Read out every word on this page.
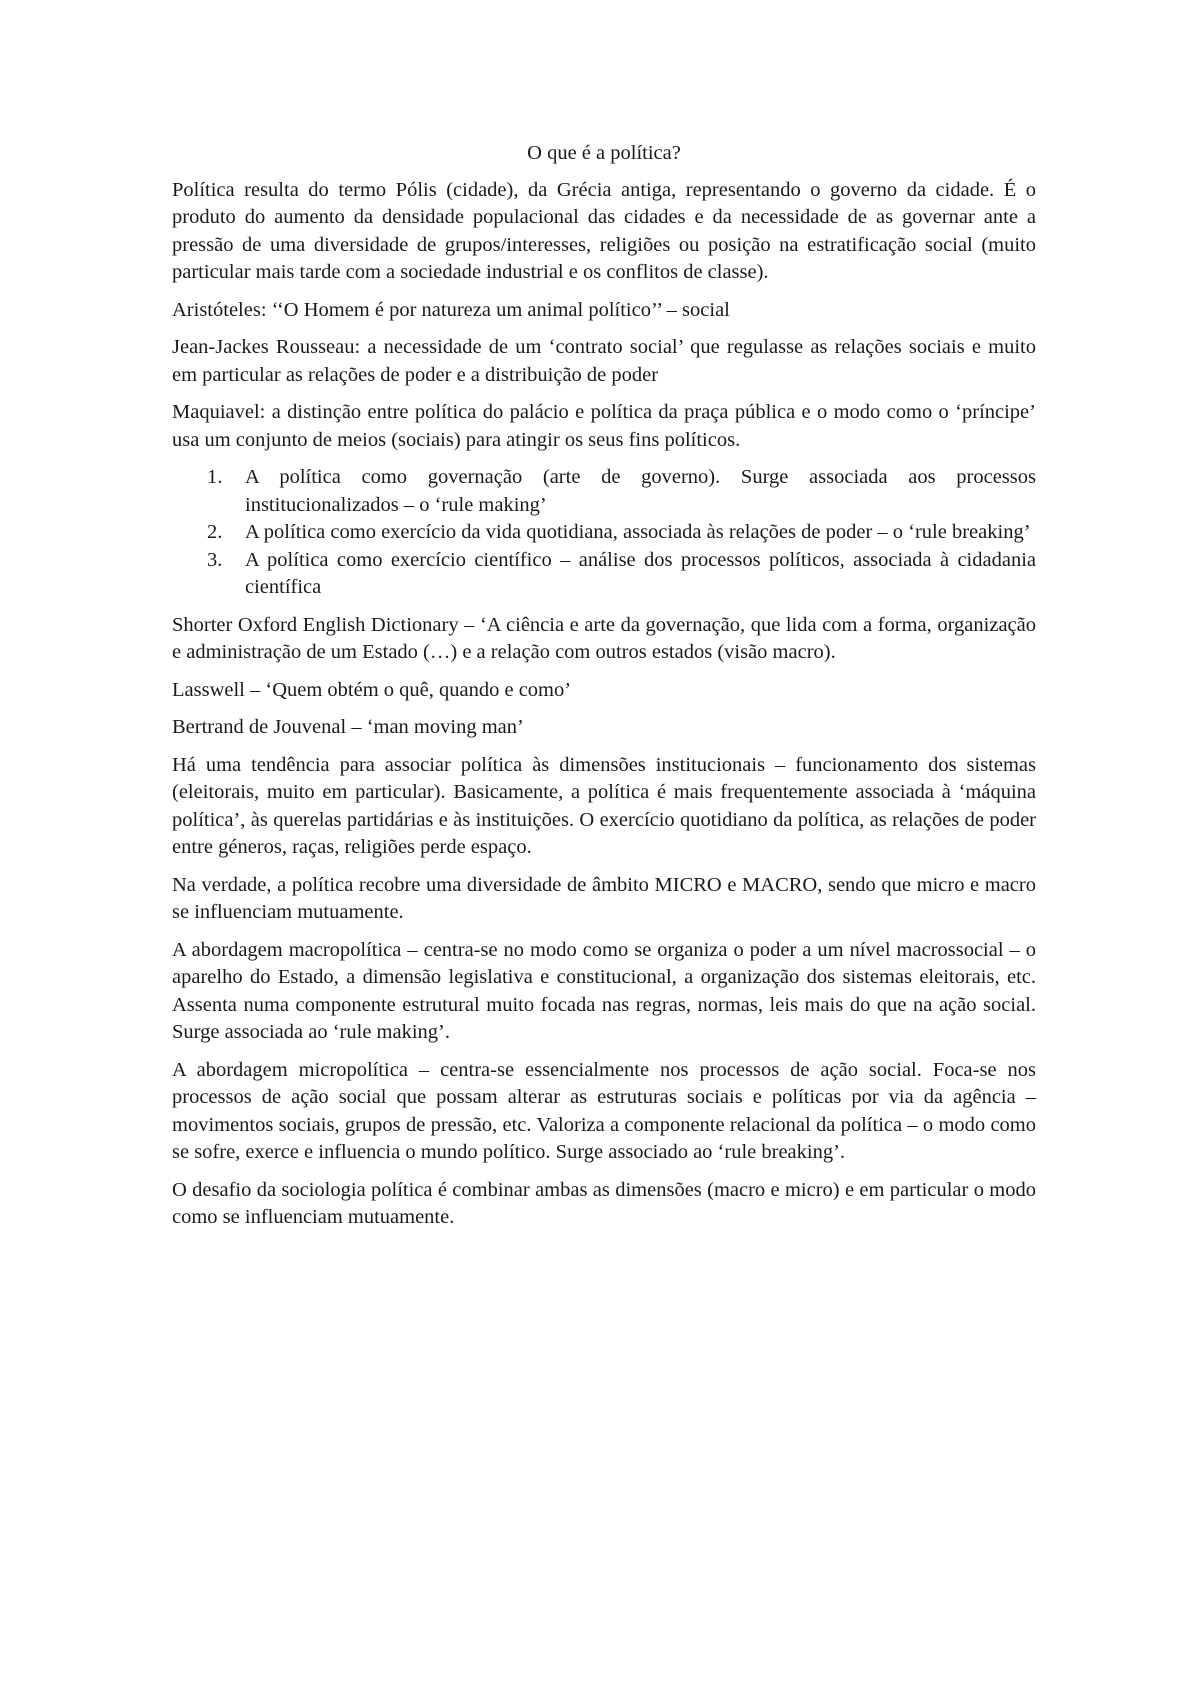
O que é a política?

Política resulta do termo Pólis (cidade), da Grécia antiga, representando o governo da cidade. É o produto do aumento da densidade populacional das cidades e da necessidade de as governar ante a pressão de uma diversidade de grupos/interesses, religiões ou posição na estratificação social (muito particular mais tarde com a sociedade industrial e os conflitos de classe).

Aristóteles: ‘‘O Homem é por natureza um animal político’’ – social

Jean-Jackes Rousseau: a necessidade de um ‘contrato social’ que regulasse as relações sociais e muito em particular as relações de poder e a distribuição de poder

Maquiavel: a distinção entre política do palácio e política da praça pública e o modo como o ‘príncipe’ usa um conjunto de meios (sociais) para atingir os seus fins políticos.

1. A política como governação (arte de governo). Surge associada aos processos institucionalizados – o ‘rule making’
2. A política como exercício da vida quotidiana, associada às relações de poder – o ‘rule breaking’
3. A política como exercício científico – análise dos processos políticos, associada à cidadania científica

Shorter Oxford English Dictionary – ‘A ciência e arte da governação, que lida com a forma, organização e administração de um Estado (…) e a relação com outros estados (visão macro).

Lasswell – ‘Quem obtém o quê, quando e como’

Bertrand de Jouvenal – ‘man moving man’

Há uma tendência para associar política às dimensões institucionais – funcionamento dos sistemas (eleitorais, muito em particular). Basicamente, a política é mais frequentemente associada à ‘máquina política’, às querelas partidárias e às instituições. O exercício quotidiano da política, as relações de poder entre géneros, raças, religiões perde espaço.

Na verdade, a política recobre uma diversidade de âmbito MICRO e MACRO, sendo que micro e macro se influenciam mutuamente.

A abordagem macropolítica – centra-se no modo como se organiza o poder a um nível macrossocial – o aparelho do Estado, a dimensão legislativa e constitucional, a organização dos sistemas eleitorais, etc. Assenta numa componente estrutural muito focada nas regras, normas, leis mais do que na ação social. Surge associada ao ‘rule making’.

A abordagem micropolítica – centra-se essencialmente nos processos de ação social. Foca-se nos processos de ação social que possam alterar as estruturas sociais e políticas por via da agência – movimentos sociais, grupos de pressão, etc. Valoriza a componente relacional da política – o modo como se sofre, exerce e influencia o mundo político. Surge associado ao ‘rule breaking’.

O desafio da sociologia política é combinar ambas as dimensões (macro e micro) e em particular o modo como se influenciam mutuamente.
